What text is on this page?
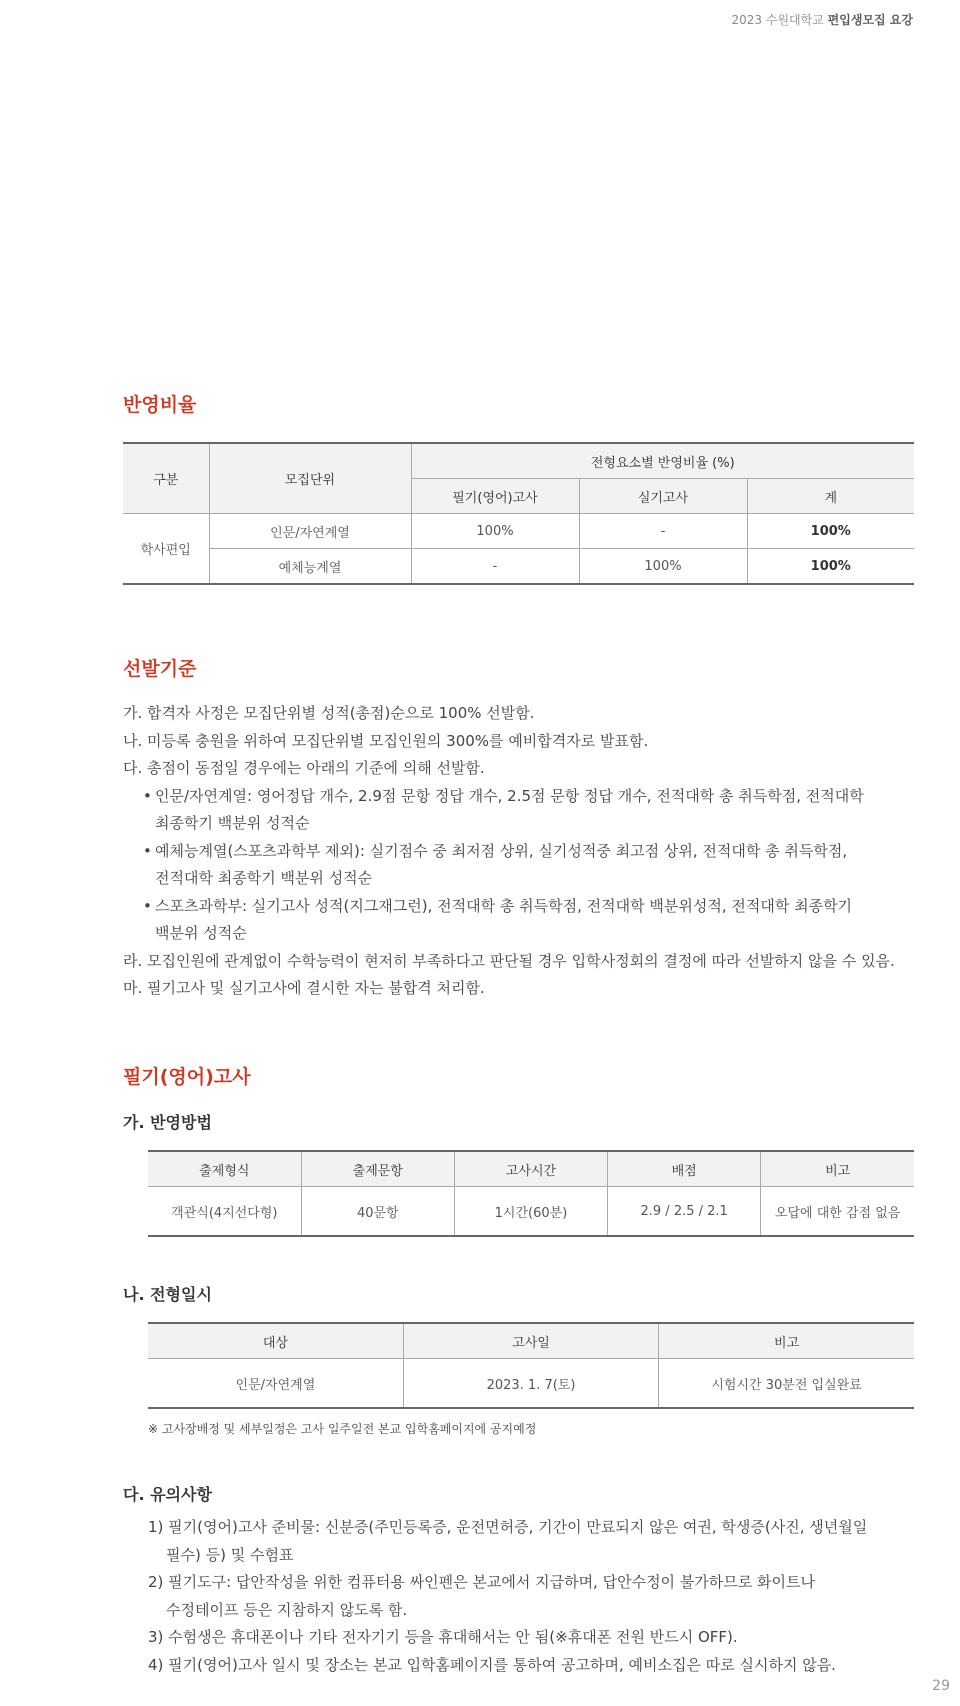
2023 수원대학교 편입생모집 요강
반영비율
구분	모집단위	전형요소별 반영비율 (%)		
		필기(영어)고사	실기고사	계
학사편입	인문/자연계열	100%	-	100%
	예체능계열	-	100%	100%
선발기준

가. 합격자 사정은 모집단위별 성적(총점)순으로 100% 선발함.

나. 미등록 충원을 위하여 모집단위별 모집인원의 300%를 예비합격자로 발표함.

다. 총점이 동점일 경우에는 아래의 기준에 의해 선발함.

• 인문/자연계열: 영어정답 개수, 2.9점 문항 정답 개수, 2.5점 문항 정답 개수, 전적대학 총 취득학점, 전적대학
최종학기 백분위 성적순

• 예체능계열(스포츠과학부 제외): 실기점수 중 최저점 상위, 실기성적중 최고점 상위, 전적대학 총 취득학점,
전적대학 최종학기 백분위 성적순

• 스포츠과학부: 실기고사 성적(지그재그런), 전적대학 총 취득학점, 전적대학 백분위성적, 전적대학 최종학기
백분위 성적순

라. 모집인원에 관계없이 수학능력이 현저히 부족하다고 판단될 경우 입학사정회의 결정에 따라 선발하지 않을 수 있음.

마. 필기고사 및 실기고사에 결시한 자는 불합격 처리함.

필기(영어)고사
가. 반영방법
출제형식	출제문항	고사시간	배점	비고
객관식(4지선다형)	40문항	1시간(60분)	2.9 / 2.5 / 2.1	오답에 대한 감점 없음
나. 전형일시
대상	고사일	비고
인문/자연계열	2023. 1. 7(토)	시험시간 30분전 입실완료
※ 고사장배정 및 세부일정은 고사 일주일전 본교 입학홈페이지에 공지예정
다. 유의사항

1) 필기(영어)고사 준비물: 신분증(주민등록증, 운전면허증, 기간이 만료되지 않은 여권, 학생증(사진, 생년월일
필수) 등) 및 수험표

2) 필기도구: 답안작성을 위한 컴퓨터용 싸인펜은 본교에서 지급하며, 답안수정이 불가하므로 화이트나
수정테이프 등은 지참하지 않도록 함.

3) 수험생은 휴대폰이나 기타 전자기기 등을 휴대해서는 안 됨(※휴대폰 전원 반드시 OFF).

4) 필기(영어)고사 일시 및 장소는 본교 입학홈페이지를 통하여 공고하며, 예비소집은 따로 실시하지 않음.

29
